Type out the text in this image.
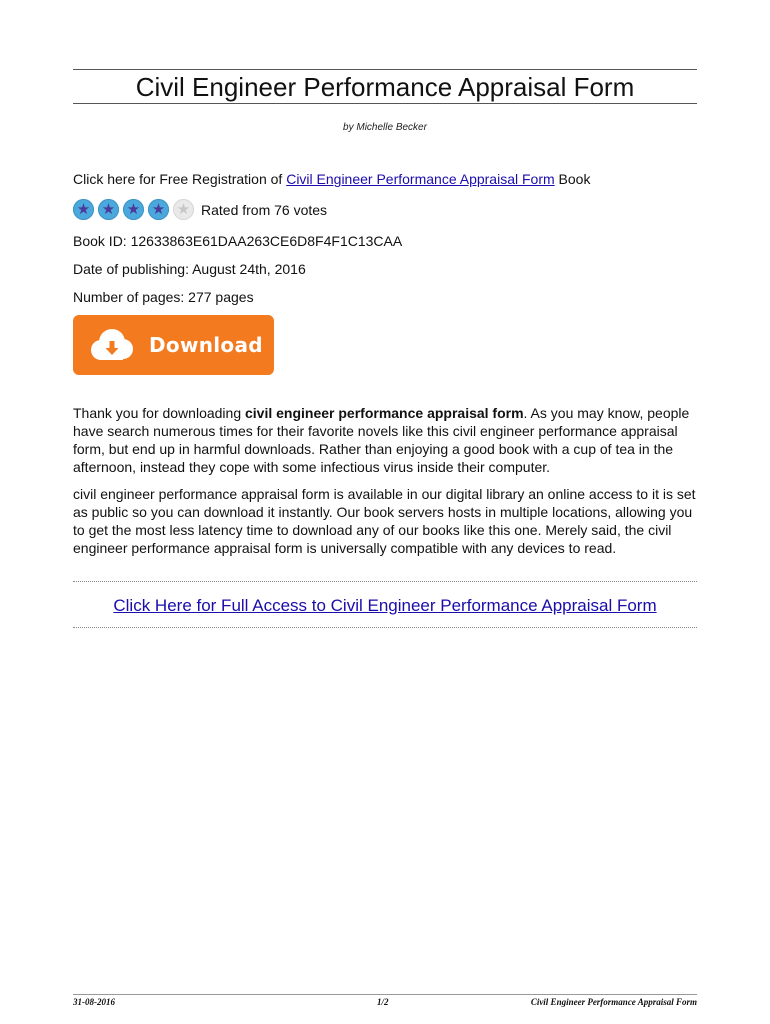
Civil Engineer Performance Appraisal Form
by Michelle Becker
Click here for Free Registration of Civil Engineer Performance Appraisal Form Book
★ ★ ★ ★ ★ Rated from 76 votes
Book ID: 12633863E61DAA263CE6D8F4F1C13CAA
Date of publishing: August 24th, 2016
Number of pages: 277 pages
Download
Thank you for downloading civil engineer performance appraisal form. As you may know, people have search numerous times for their favorite novels like this civil engineer performance appraisal form, but end up in harmful downloads. Rather than enjoying a good book with a cup of tea in the afternoon, instead they cope with some infectious virus inside their computer.
civil engineer performance appraisal form is available in our digital library an online access to it is set as public so you can download it instantly. Our book servers hosts in multiple locations, allowing you to get the most less latency time to download any of our books like this one. Merely said, the civil engineer performance appraisal form is universally compatible with any devices to read.
Click Here for Full Access to Civil Engineer Performance Appraisal Form
31-08-2016	1/2	Civil Engineer Performance Appraisal Form
